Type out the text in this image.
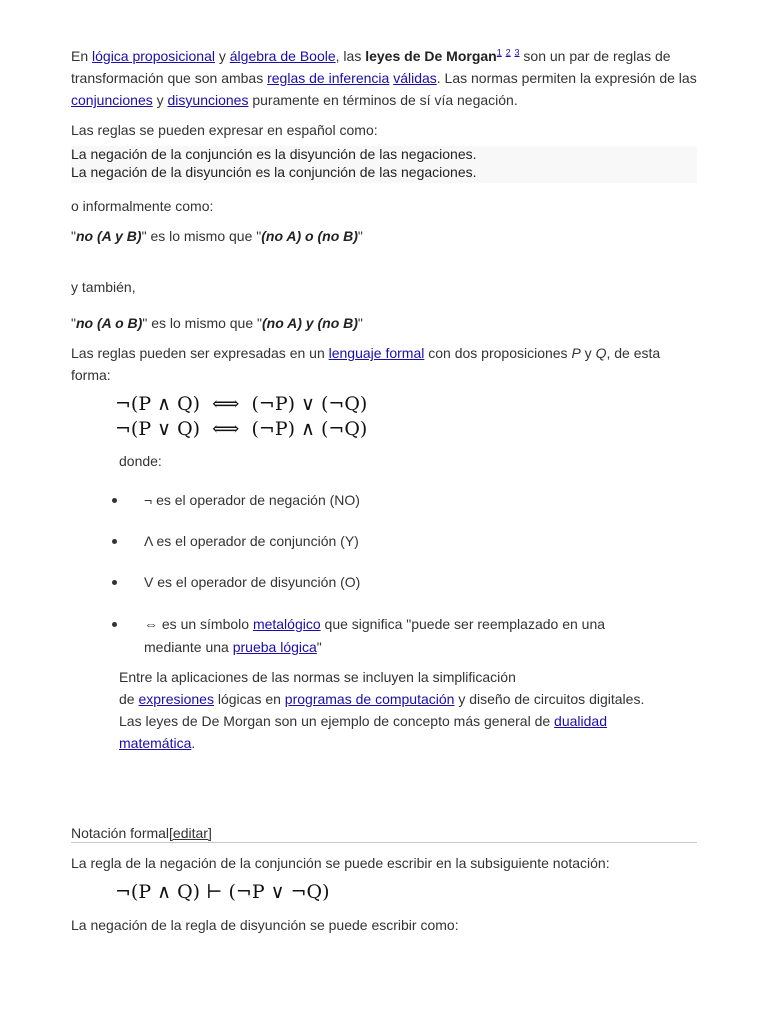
En lógica proposicional y álgebra de Boole, las leyes de De Morgan$^1$ $^2$ $^3$ son un par de reglas de transformación que son ambas reglas de inferencia válidas. Las normas permiten la expresión de las conjunciones y disyunciones puramente en términos de sí vía negación.

Las reglas se pueden expresar en español como:

La negación de la conjunción es la disyunción de las negaciones.
La negación de la disyunción es la conjunción de las negaciones.

o informalmente como:

"no (A y B)" es lo mismo que "(no A) o (no B)"

y también,

"no (A o B)" es lo mismo que "(no A) y (no B)"

Las reglas pueden ser expresadas en un lenguaje formal con dos proposiciones P y Q, de esta forma:

¬(P ∧ Q)  ⟺  (¬P) ∨ (¬Q)
¬(P ∨ Q)  ⟺  (¬P) ∧ (¬Q)

donde:

¬ es el operador de negación (NO)
Λ es el operador de conjunción (Y)
V es el operador de disyunción (O)
⇔ es un símbolo metalógico que significa "puede ser reemplazado en una
mediante una prueba lógica"

Entre la aplicaciones de las normas se incluyen la simplificación
de expresiones lógicas en programas de computación y diseño de circuitos digitales.
Las leyes de De Morgan son un ejemplo de concepto más general de dualidad
matemática.

Notación formal[editar]

La regla de la negación de la conjunción se puede escribir en la subsiguiente notación:

¬(P ∧ Q) ⊢ (¬P ∨ ¬Q)

La negación de la regla de disyunción se puede escribir como:
